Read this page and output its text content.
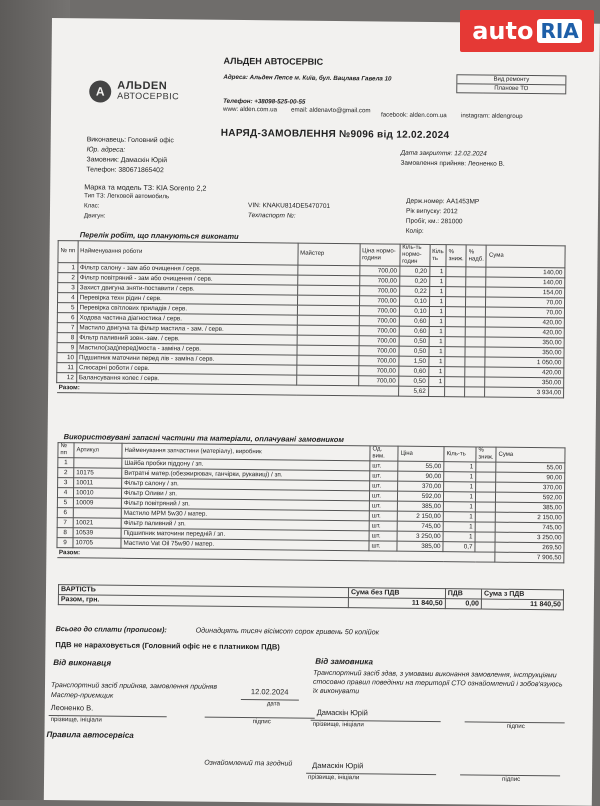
auto RIA
A	АЛЬDEN
АВТОСЕРВІС
АЛЬДЕН АВТОСЕРВІС
Адреса: Альден Лепсе м. Київ, бул. Вацлава Гавела 10
Телефон: +38098-525-00-55
www: alden.com.ua email: aldenavto@gmail.com
facebook: alden.com.ua instagram: aldengroup
Вид ремонту
Плановe ТО
НАРЯД-ЗАМОВЛЕННЯ №9096 від 12.02.2024
Виконавець: Головний офіс
Юр. адреса:
Замовник: Дамаскін Юрій
Телефон: 380671865402
Дата закриття: 12.02.2024
Замовлення прийняв: Леоненко В.
Марка та модель ТЗ: KIA Sorento 2,2
Тип ТЗ: Легковой автомобиль
Клас:
Двигун:
VIN: KNAKU814DE5470701
Техпаспорт №:
Держ.номер: AA1453MP
Рік випуску: 2012
Пробіг, км.: 281000
Колір:
Перелік робіт, що плануються виконати
№ пп	Найменування роботи	Майстер	Ціна нормо-години	Кіль-ть нормо-годин	Кіль ть	% зниж.	% надб.	Сума
1	Фільтр салону - зам або очищення / серв.		700,00	0,20	1			140,00
2	Фільтр повітряний - зам або очищення / серв.		700,00	0,20	1			140,00
3	Захист двигуна зняти-поставити / серв.		700,00	0,22	1			154,00
4	Перевірка техн рідин / серв.		700,00	0,10	1			70,00
5	Перевірка світлових приладів / серв.		700,00	0,10	1			70,00
6	Ходова частина діагностика / серв.		700,00	0,60	1			420,00
7	Мастило двигуна та фільтр мастила - зам. / серв.		700,00	0,60	1			420,00
8	Фільтр паливний зовн.-зам. / серв.		700,00	0,50	1			350,00
9	Мастило(зад)перед)моста - заміна / серв.		700,00	0,50	1			350,00
10	Підшипник маточини перед лів - заміна / серв.		700,00	1,50	1			1 050,00
11	Слюсарні роботи / серв.		700,00	0,60	1			420,00
12	Балансування колес / серв.		700,00	0,50	1			350,00
Разом:				5,62				3 934,00
Використовувані запасні частини та матеріали, оплачувані замовником
№ пп	Артикул	Найменування запчастини (матеріалу), виробник	Од. вим.	Ціна	Кіль-ть	% зниж.	Сума
1		Шайба пробки піддону / зп.	шт.	55,00	1		55,00
2	10175	Витратні матер.(обезжирювач, ганчірки, рукавиці) / зп.	шт.	90,00	1		90,00
3	10011	Фільтр салону / зп.	шт.	370,00	1		370,00
4	10010	Фільтр Оливи / зп.	шт.	592,00	1		592,00
5	10009	Фільтр повітряний / зп.	шт.	385,00	1		385,00
6		Мастило MPM 5w30 / матер.	шт.	2 150,00	1		2 150,00
7	10021	Фільтр паливний / зп.	шт.	745,00	1		745,00
8	10539	Підшипник маточини передній / зп.	шт.	3 250,00	1		3 250,00
9	10705	Мастило Vat Oil 75w90 / матер.	шт.	385,00	0,7		269,50
Разом:							7 906,50
ВАРТІСТЬ	Сума без ПДВ	ПДВ	Сума з ПДВ
Разом, грн.	11 840,50	0,00	11 840,50
Всього до сплати (прописом):	Одинадцять тисяч вісімсот сорок гривень 50 копійок
ПДВ не нараховується (Головний офіс не є платником ПДВ)
Від виконавця
Транспортний засіб прийняв, замовлення прийняв
Мастер-приємщик	12.02.2024
дата
Леоненко В.
прізвище, ініціали	підпис
Від замовника
Транспортний засіб здав, з умовами виконання замовлення, інструкціями стосовно правил поведінки на території СТО ознайомлений і зобов'язуюсь їх виконувати
Дамаскін Юрій
прізвище, ініціали	підпис
Правила автосервіса
Ознайомлений та згодний	Дамаскін Юрій
прізвище, ініціали	підпис
